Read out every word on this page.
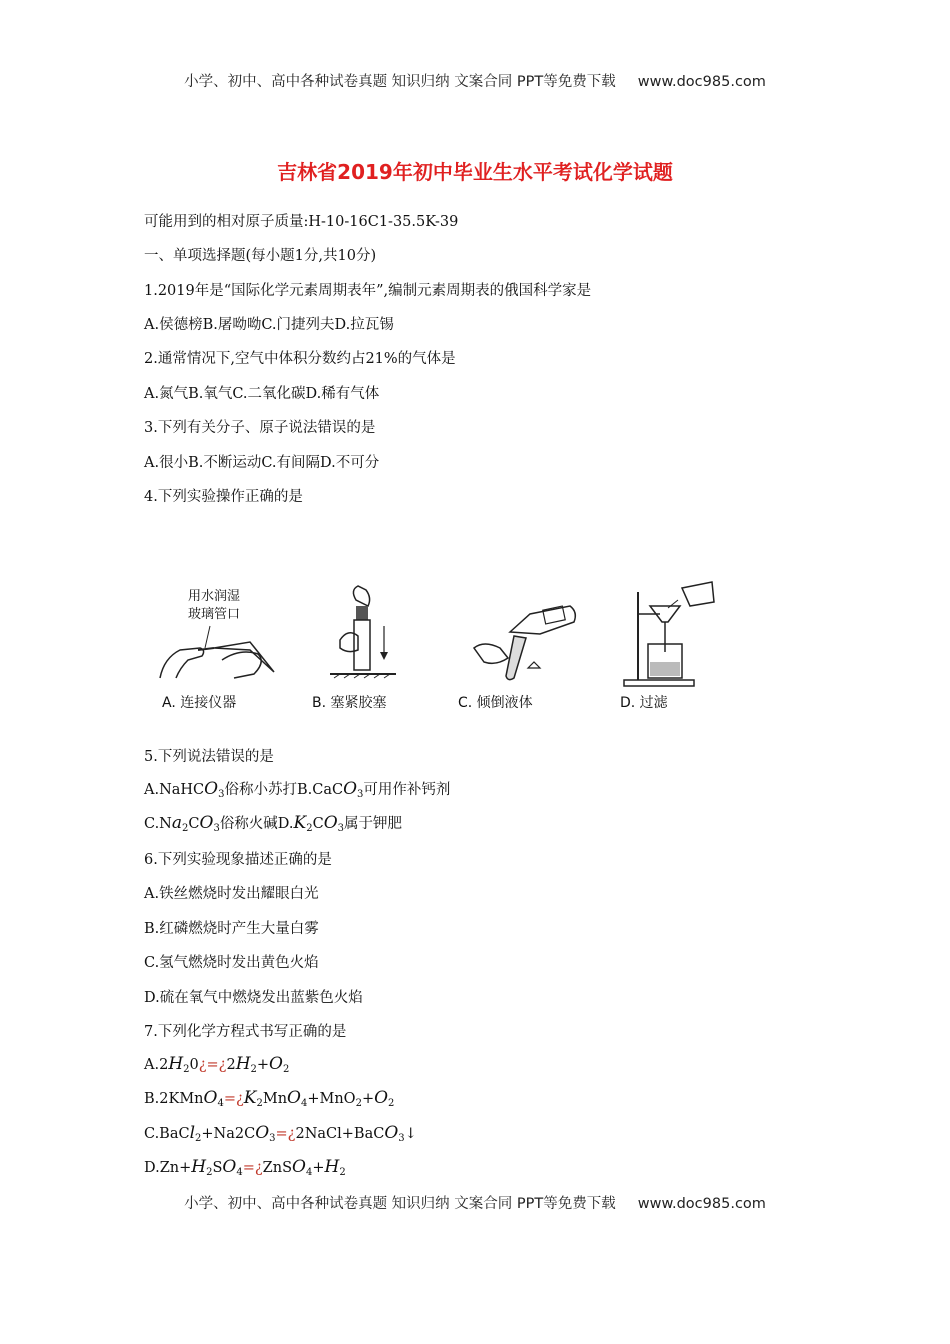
小学、初中、高中各种试卷真题 知识归纳 文案合同 PPT等免费下载 www.doc985.com
吉林省2019年初中毕业生水平考试化学试题
可能用到的相对原子质量:H-10-16C1-35.5K-39
一、单项选择题(每小题1分,共10分)
1.2019年是“国际化学元素周期表年”,编制元素周期表的俄国科学家是
A.侯德榜B.屠呦呦C.门捷列夫D.拉瓦锡
2.通常情况下,空气中体积分数约占21%的气体是
A.氮气B.氧气C.二氧化碳D.稀有气体
3.下列有关分子、原子说法错误的是
A.很小B.不断运动C.有间隔D.不可分
4.下列实验操作正确的是
用水润湿
玻璃管口
A. 连接仪器	B. 塞紧胶塞	C. 倾倒液体	D. 过滤
5.下列说法错误的是
A.NaHCO$_3$俗称小苏打B.CaCO$_3$可用作补钙剂
$C.Na_2CO_3$俗称火碱$D.K_2CO_3$属于钾肥
6.下列实验现象描述正确的是
A.铁丝燃烧时发出耀眼白光
B.红磷燃烧时产生大量白雾
C.氢气燃烧时发出黄色火焰
D.硫在氧气中燃烧发出蓝紫色火焰
7.下列化学方程式书写正确的是
$A.2H_20¿=¿2H_2+O_2$
$B.2KMnO_4=¿K_2MnO_4+MnO_2+O_2$
$C.BaCl_2+Na2CO_3=¿2NaCl+BaCO_3↓$
$D.Zn+H_2SO_4=¿ZnSO_4+H_2$
小学、初中、高中各种试卷真题 知识归纳 文案合同 PPT等免费下载 www.doc985.com
